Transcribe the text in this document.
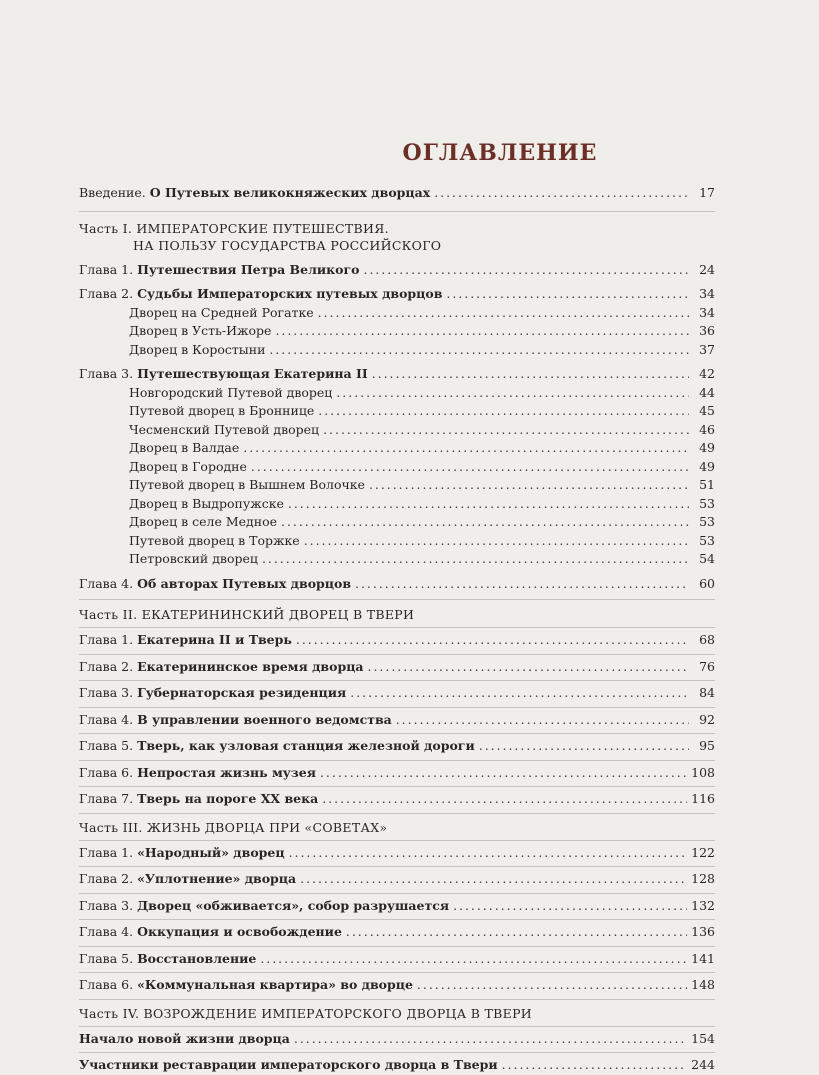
ОГЛАВЛЕНИЕ
Введение. О Путевых великокняжеских дворцах . . .	17
Часть I. ИМПЕРАТОРСКИЕ ПУТЕШЕСТВИЯ.
НА ПОЛЬЗУ ГОСУДАРСТВА РОССИЙСКОГО
Глава 1. Путешествия Петра Великого . . .	24
Глава 2. Судьбы Императорских путевых дворцов . . .	34
Дворец на Средней Рогатке . . .	34
Дворец в Усть-Ижоре . . .	36
Дворец в Коростыни . . .	37
Глава 3. Путешествующая Екатерина II . . .	42
Новгородский Путевой дворец . . .	44
Путевой дворец в Броннице . . .	45
Чесменский Путевой дворец . . .	46
Дворец в Валдае . . .	49
Дворец в Городне . . .	49
Путевой дворец в Вышнем Волочке . . .	51
Дворец в Выдропужске . . .	53
Дворец в селе Медное . . .	53
Путевой дворец в Торжке . . .	53
Петровский дворец . . .	54
Глава 4. Об авторах Путевых дворцов . . .	60
Часть II. ЕКАТЕРИНИНСКИЙ ДВОРЕЦ В ТВЕРИ
Глава 1. Екатерина II и Тверь . . .	68
Глава 2. Екатерининское время дворца . . .	76
Глава 3. Губернаторская резиденция . . .	84
Глава 4. В управлении военного ведомства . . .	92
Глава 5. Тверь, как узловая станция железной дороги . . .	95
Глава 6. Непростая жизнь музея . . .	108
Глава 7. Тверь на пороге XX века . . .	116
Часть III. ЖИЗНЬ ДВОРЦА ПРИ «СОВЕТАХ»
Глава 1. «Народный» дворец . . .	122
Глава 2. «Уплотнение» дворца . . .	128
Глава 3. Дворец «обживается», собор разрушается . . .	132
Глава 4. Оккупация и освобождение . . .	136
Глава 5. Восстановление . . .	141
Глава 6. «Коммунальная квартира» во дворце . . .	148
Часть IV. ВОЗРОЖДЕНИЕ ИМПЕРАТОРСКОГО ДВОРЦА В ТВЕРИ
Начало новой жизни дворца . . .	154
Участники реставрации императорского дворца в Твери . . .	244
